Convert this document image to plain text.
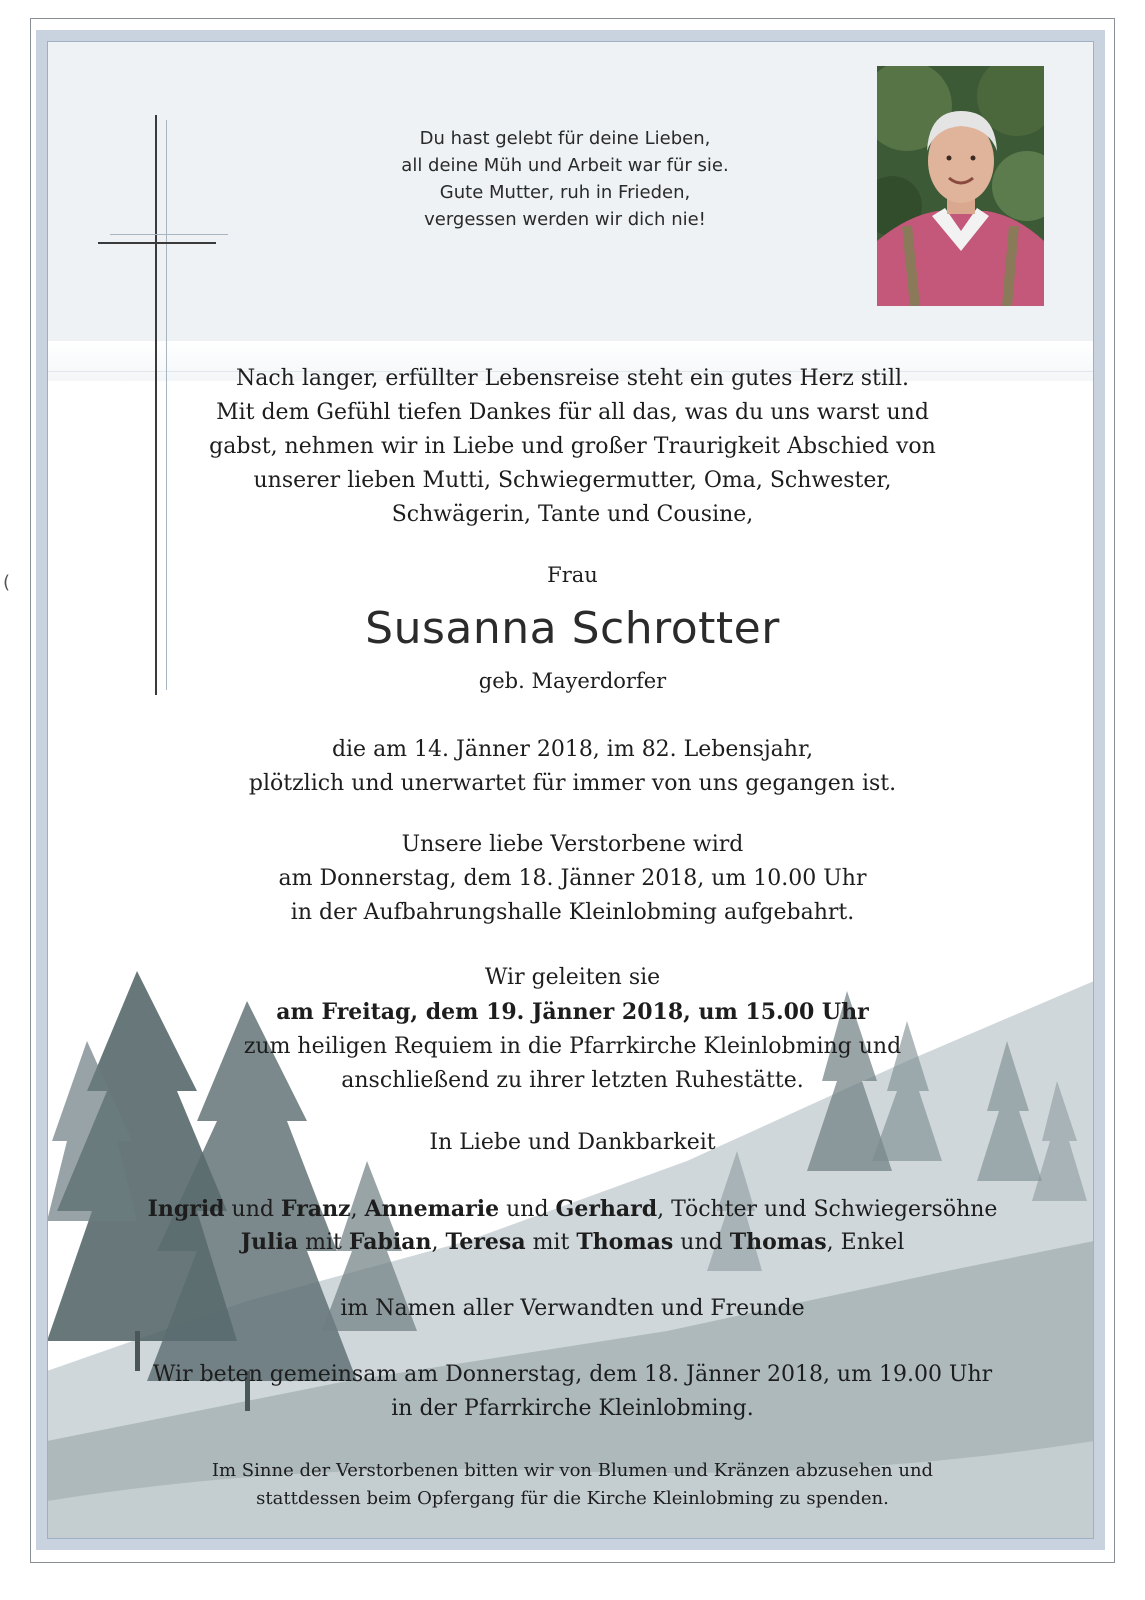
Du hast gelebt für deine Lieben,
all deine Müh und Arbeit war für sie.
Gute Mutter, ruh in Frieden,
vergessen werden wir dich nie!
Nach langer, erfüllter Lebensreise steht ein gutes Herz still.
Mit dem Gefühl tiefen Dankes für all das, was du uns warst und
gabst, nehmen wir in Liebe und großer Traurigkeit Abschied von
unserer lieben Mutti, Schwiegermutter, Oma, Schwester,
Schwägerin, Tante und Cousine,
Frau
Susanna Schrotter
geb. Mayerdorfer
die am 14. Jänner 2018, im 82. Lebensjahr,
plötzlich und unerwartet für immer von uns gegangen ist.
Unsere liebe Verstorbene wird
am Donnerstag, dem 18. Jänner 2018, um 10.00 Uhr
in der Aufbahrungshalle Kleinlobming aufgebahrt.
Wir geleiten sie
am Freitag, dem 19. Jänner 2018, um 15.00 Uhr
zum heiligen Requiem in die Pfarrkirche Kleinlobming und
anschließend zu ihrer letzten Ruhestätte.
In Liebe und Dankbarkeit
Ingrid und Franz, Annemarie und Gerhard, Töchter und Schwiegersöhne
Julia mit Fabian, Teresa mit Thomas und Thomas, Enkel
im Namen aller Verwandten und Freunde
Wir beten gemeinsam am Donnerstag, dem 18. Jänner 2018, um 19.00 Uhr
in der Pfarrkirche Kleinlobming.
Im Sinne der Verstorbenen bitten wir von Blumen und Kränzen abzusehen und
stattdessen beim Opfergang für die Kirche Kleinlobming zu spenden.
(
